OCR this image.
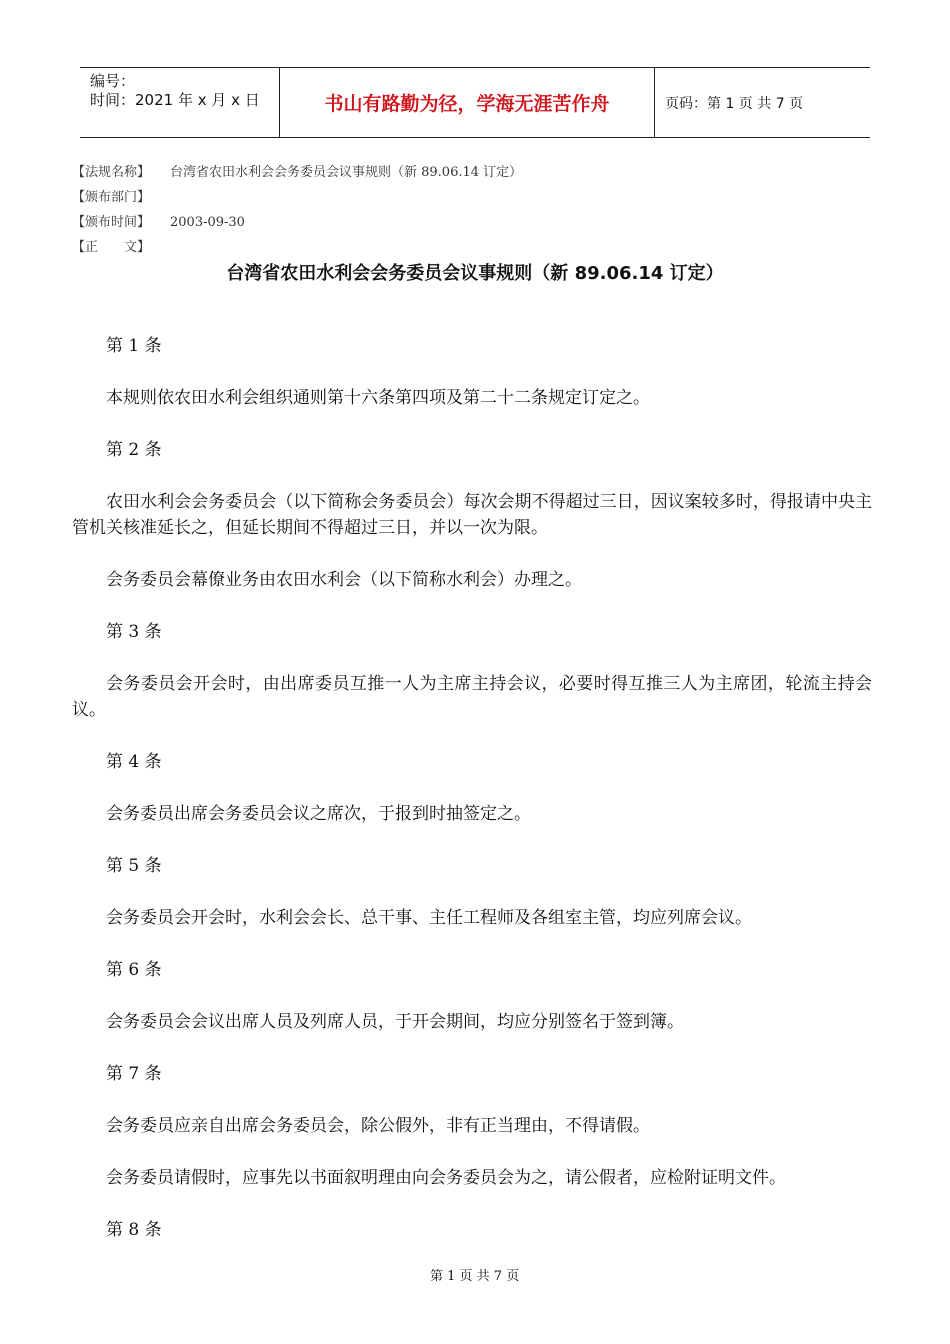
编号：
时间：2021 年 x 月 x 日	书山有路勤为径，学海无涯苦作舟	页码：第 1 页 共 7 页
【法规名称】	台湾省农田水利会会务委员会议事规则（新 89.06.14 订定）
【颁布部门】
【颁布时间】	2003-09-30
【正　　文】
台湾省农田水利会会务委员会议事规则（新 89.06.14 订定）
第 1 条
本规则依农田水利会组织通则第十六条第四项及第二十二条规定订定之。
第 2 条
农田水利会会务委员会（以下简称会务委员会）每次会期不得超过三日，因议案较多时，得报请中央主管机关核准延长之，但延长期间不得超过三日，并以一次为限。
会务委员会幕僚业务由农田水利会（以下简称水利会）办理之。
第 3 条
会务委员会开会时，由出席委员互推一人为主席主持会议，必要时得互推三人为主席团，轮流主持会议。
第 4 条
会务委员出席会务委员会议之席次，于报到时抽签定之。
第 5 条
会务委员会开会时，水利会会长、总干事、主任工程师及各组室主管，均应列席会议。
第 6 条
会务委员会会议出席人员及列席人员，于开会期间，均应分别签名于签到簿。
第 7 条
会务委员应亲自出席会务委员会，除公假外，非有正当理由，不得请假。
会务委员请假时，应事先以书面叙明理由向会务委员会为之，请公假者，应检附证明文件。
第 8 条
第 1 页 共 7 页
